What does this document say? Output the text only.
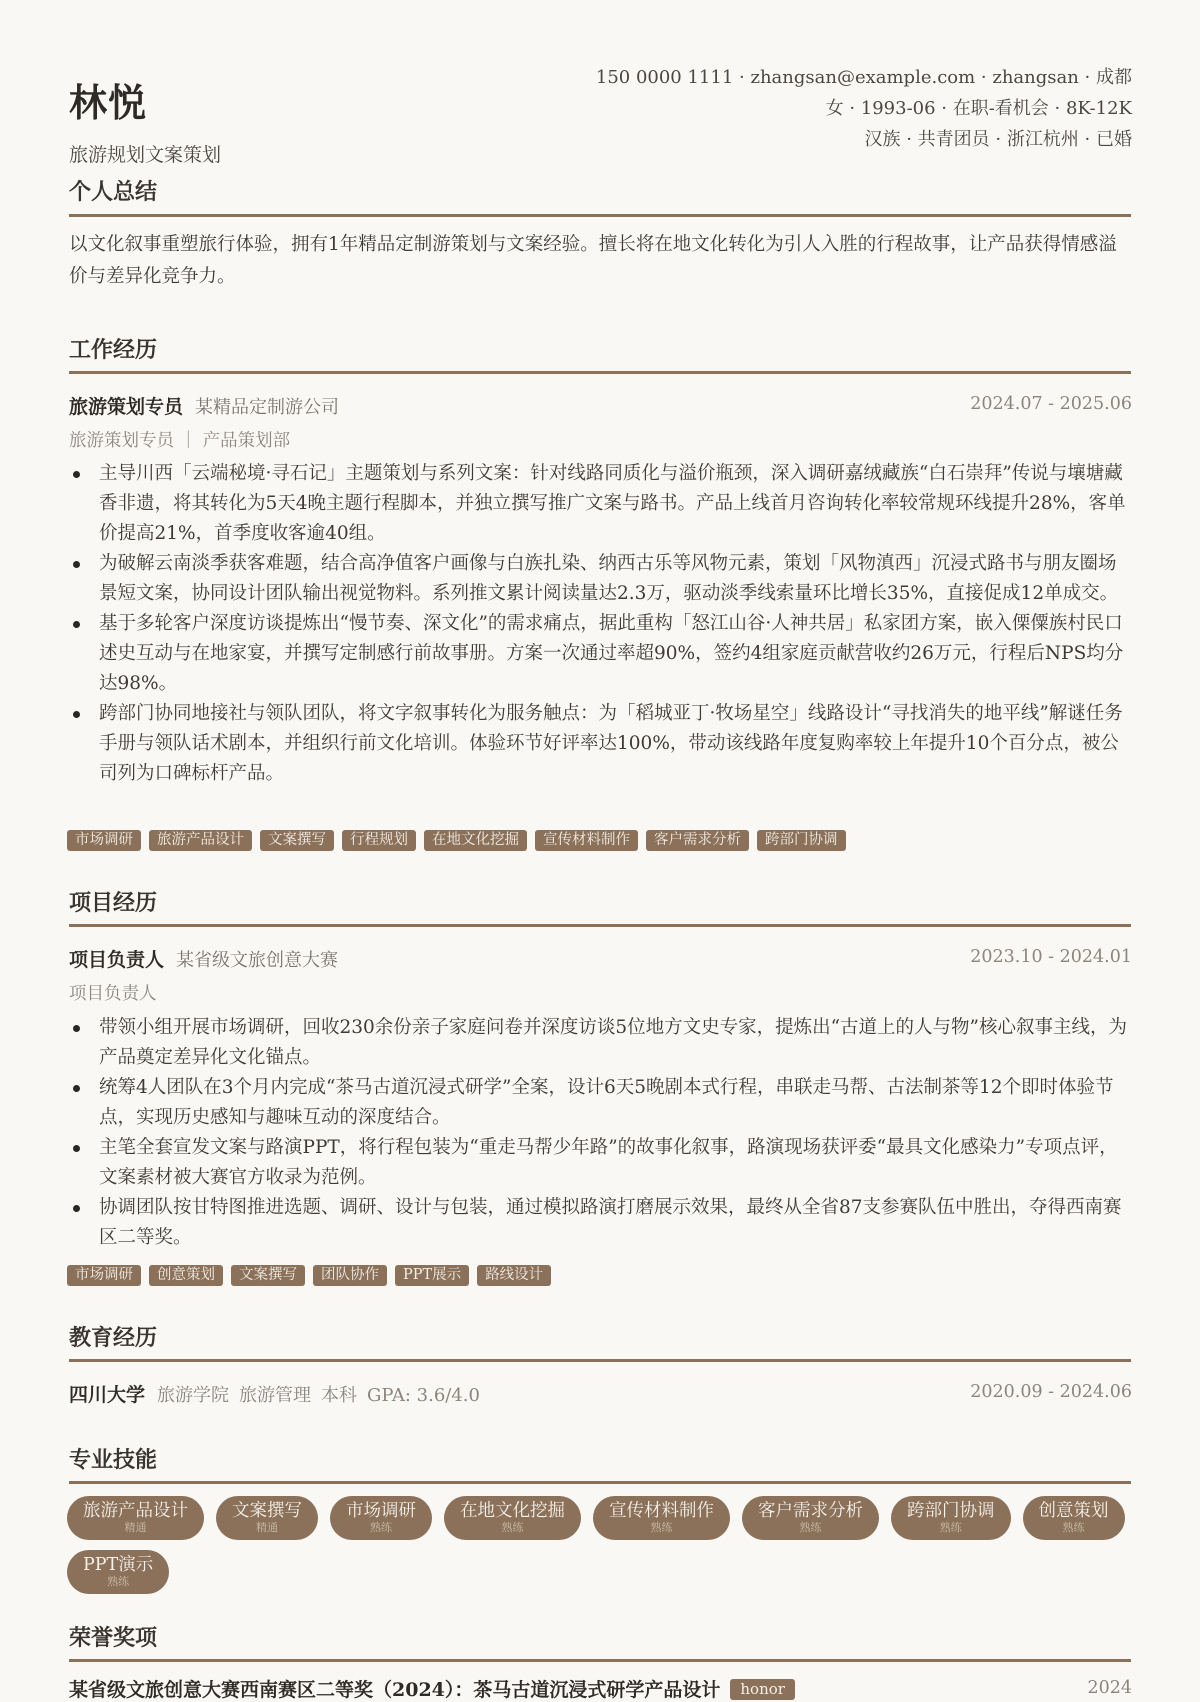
林悦
旅游规划文案策划
150 0000 1111 · zhangsan@example.com · zhangsan · 成都
女 · 1993-06 · 在职-看机会 · 8K-12K
汉族 · 共青团员 · 浙江杭州 · 已婚
个人总结
以文化叙事重塑旅行体验，拥有1年精品定制游策划与文案经验。擅长将在地文化转化为引人入胜的行程故事，让产品获得情感溢价与差异化竞争力。
工作经历
旅游策划专员 某精品定制游公司	2024.07 - 2025.06
旅游策划专员 ｜ 产品策划部
主导川西「云端秘境·寻石记」主题策划与系列文案：针对线路同质化与溢价瓶颈，深入调研嘉绒藏族“白石崇拜”传说与壤塘藏香非遗，将其转化为5天4晚主题行程脚本，并独立撰写推广文案与路书。产品上线首月咨询转化率较常规环线提升28%，客单价提高21%，首季度收客逾40组。
为破解云南淡季获客难题，结合高净值客户画像与白族扎染、纳西古乐等风物元素，策划「风物滇西」沉浸式路书与朋友圈场景短文案，协同设计团队输出视觉物料。系列推文累计阅读量达2.3万，驱动淡季线索量环比增长35%，直接促成12单成交。
基于多轮客户深度访谈提炼出“慢节奏、深文化”的需求痛点，据此重构「怒江山谷·人神共居」私家团方案，嵌入傈僳族村民口述史互动与在地家宴，并撰写定制感行前故事册。方案一次通过率超90%，签约4组家庭贡献营收约26万元，行程后NPS均分达98%。
跨部门协同地接社与领队团队，将文字叙事转化为服务触点：为「稻城亚丁·牧场星空」线路设计“寻找消失的地平线”解谜任务手册与领队话术剧本，并组织行前文化培训。体验环节好评率达100%，带动该线路年度复购率较上年提升10个百分点，被公司列为口碑标杆产品。
市场调研	旅游产品设计	文案撰写	行程规划	在地文化挖掘	宣传材料制作	客户需求分析	跨部门协调
项目经历
项目负责人 某省级文旅创意大赛	2023.10 - 2024.01
项目负责人
带领小组开展市场调研，回收230余份亲子家庭问卷并深度访谈5位地方文史专家，提炼出“古道上的人与物”核心叙事主线，为产品奠定差异化文化锚点。
统筹4人团队在3个月内完成“茶马古道沉浸式研学”全案，设计6天5晚剧本式行程，串联走马帮、古法制茶等12个即时体验节点，实现历史感知与趣味互动的深度结合。
主笔全套宣发文案与路演PPT，将行程包装为“重走马帮少年路”的故事化叙事，路演现场获评委“最具文化感染力”专项点评，文案素材被大赛官方收录为范例。
协调团队按甘特图推进选题、调研、设计与包装，通过模拟路演打磨展示效果，最终从全省87支参赛队伍中胜出，夺得西南赛区二等奖。
市场调研	创意策划	文案撰写	团队协作	PPT展示	路线设计
教育经历
四川大学 旅游学院 旅游管理 本科 GPA: 3.6/4.0	2020.09 - 2024.06
专业技能
旅游产品设计
精通
文案撰写
精通
市场调研
熟练
在地文化挖掘
熟练
宣传材料制作
熟练
客户需求分析
熟练
跨部门协调
熟练
创意策划
熟练
PPT演示
熟练
荣誉奖项
某省级文旅创意大赛西南赛区二等奖（2024）：茶马古道沉浸式研学产品设计 honor	2024
